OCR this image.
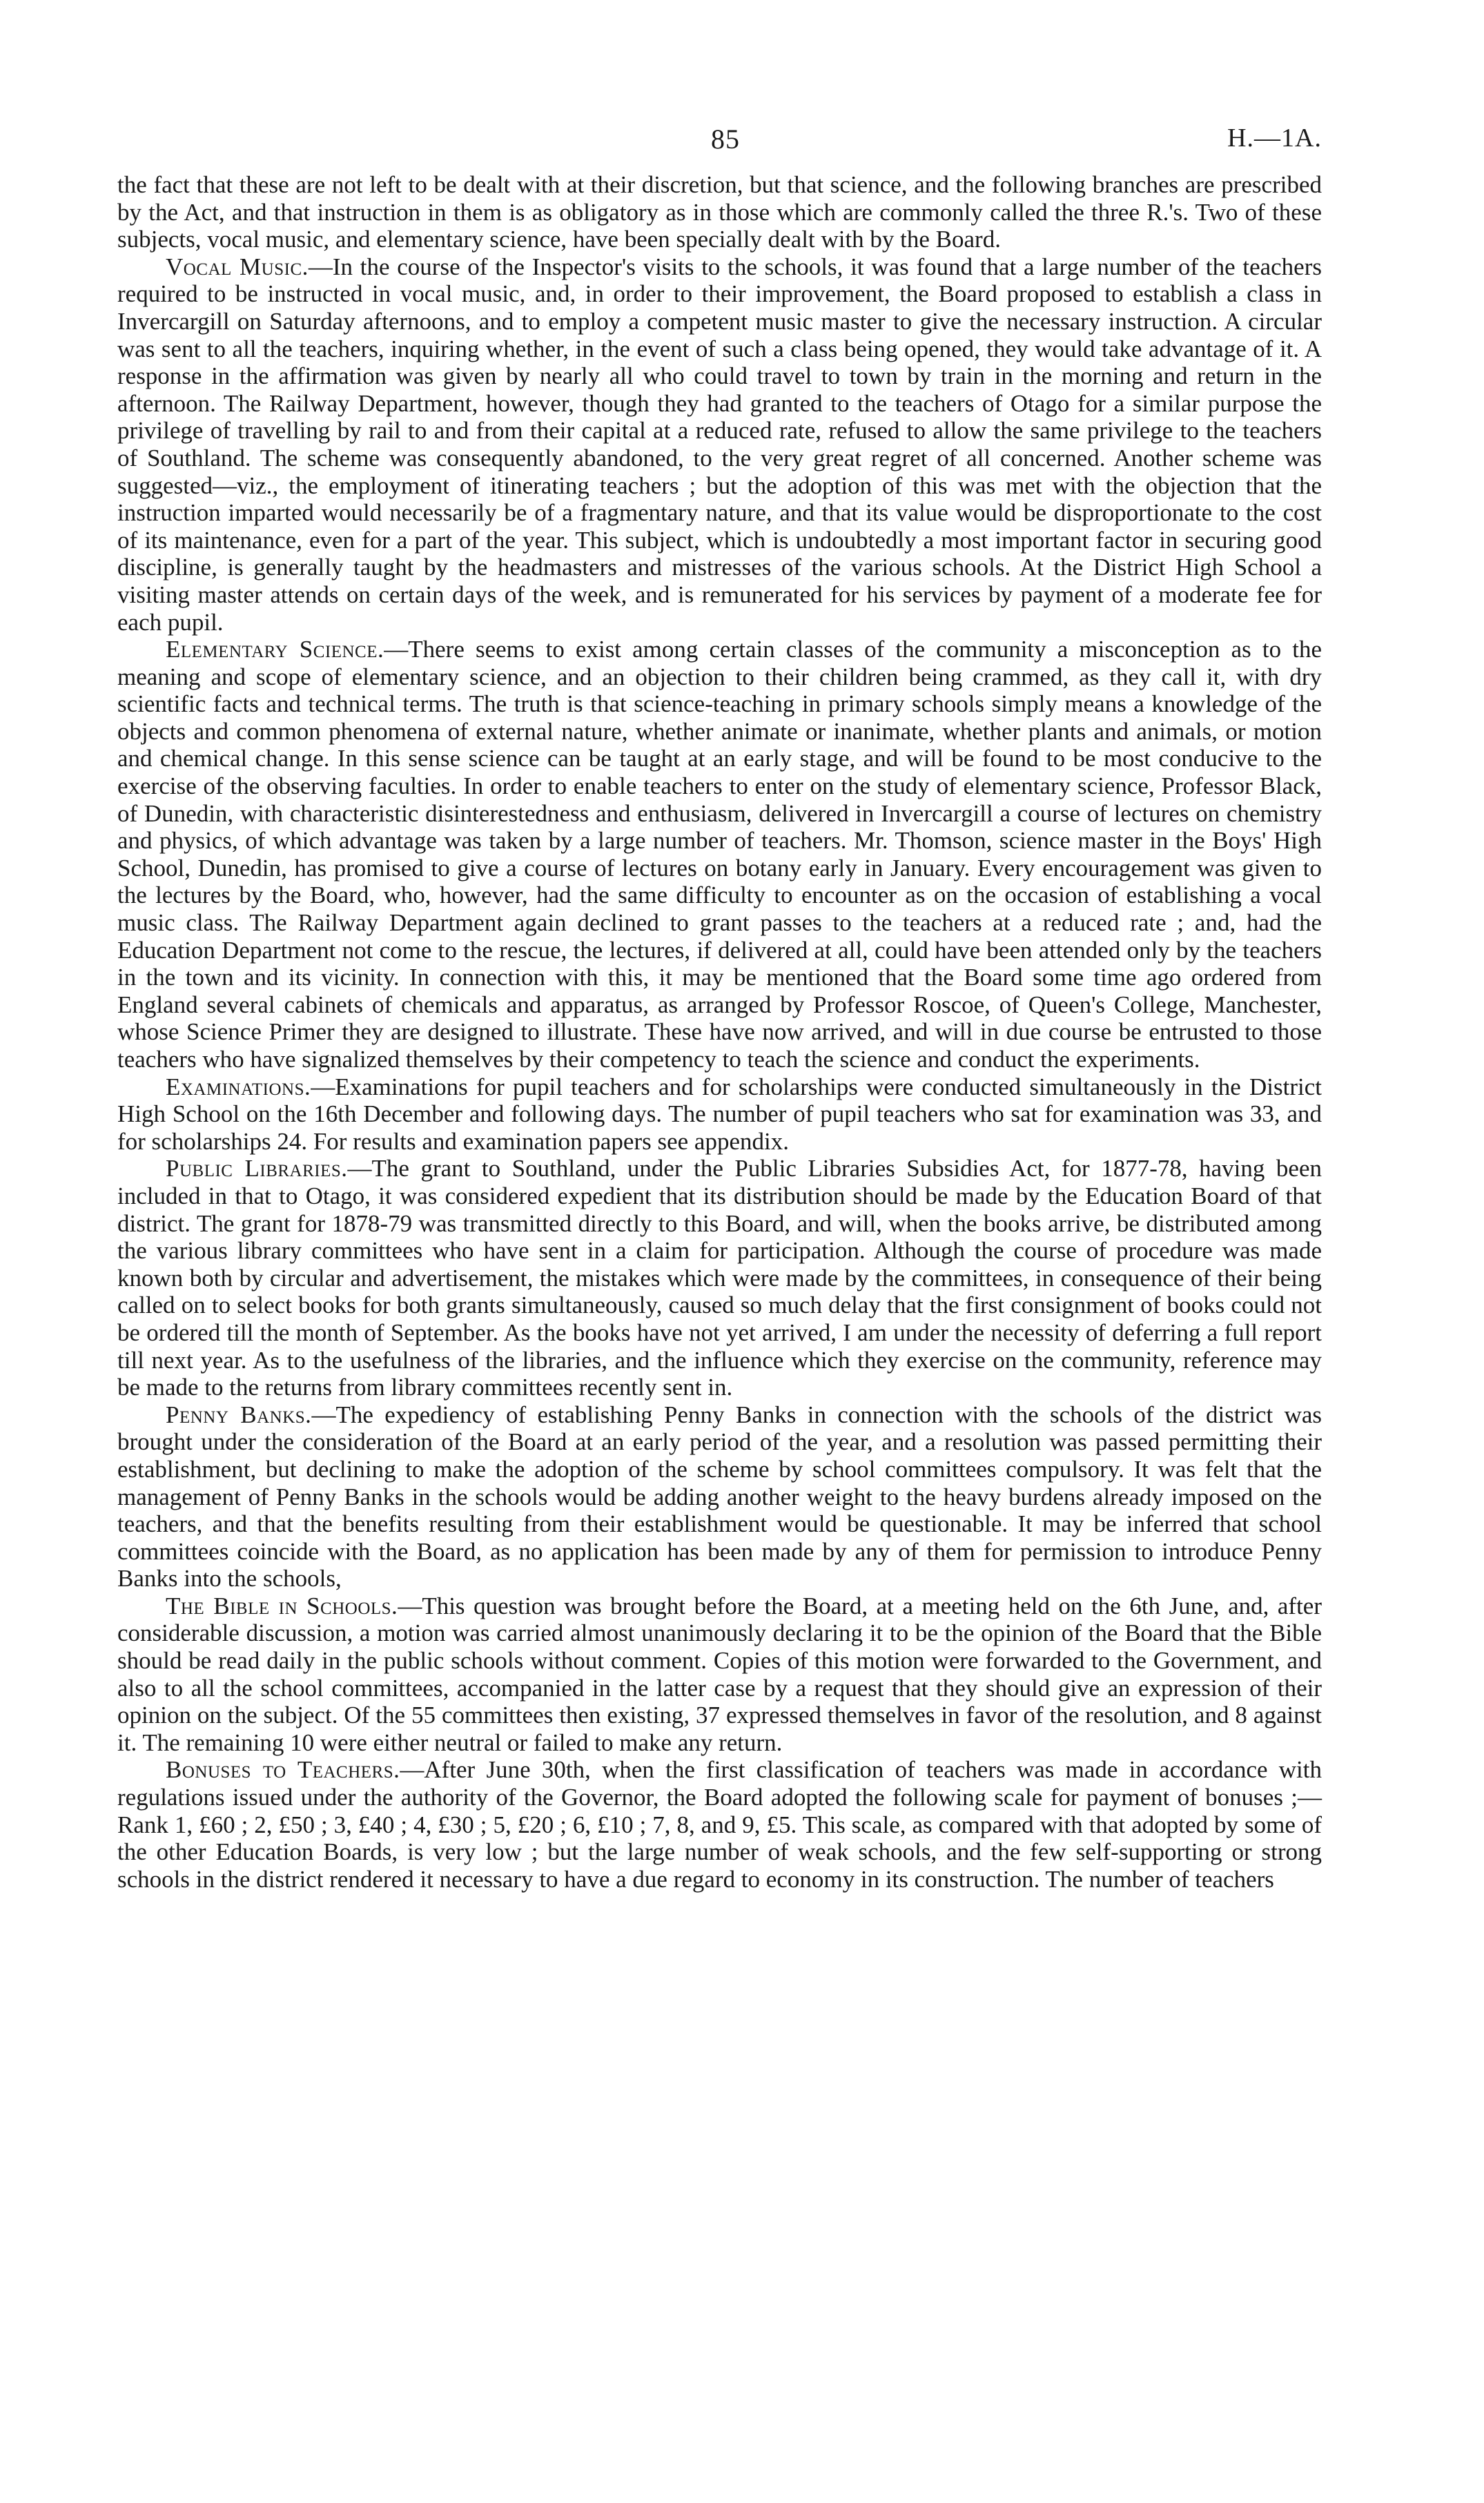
85	H.—1A.

the fact that these are not left to be dealt with at their discretion, but that science, and the following branches are prescribed by the Act, and that instruction in them is as obligatory as in those which are commonly called the three R.'s. Two of these subjects, vocal music, and elementary science, have been specially dealt with by the Board.

Vocal Music.—In the course of the Inspector's visits to the schools, it was found that a large number of the teachers required to be instructed in vocal music, and, in order to their improvement, the Board proposed to establish a class in Invercargill on Saturday afternoons, and to employ a competent music master to give the necessary instruction. A circular was sent to all the teachers, inquiring whether, in the event of such a class being opened, they would take advantage of it. A response in the affirmation was given by nearly all who could travel to town by train in the morning and return in the afternoon. The Railway Department, however, though they had granted to the teachers of Otago for a similar purpose the privilege of travelling by rail to and from their capital at a reduced rate, refused to allow the same privilege to the teachers of Southland. The scheme was consequently abandoned, to the very great regret of all concerned. Another scheme was suggested—viz., the employment of itinerating teachers ; but the adoption of this was met with the objection that the instruction imparted would necessarily be of a fragmentary nature, and that its value would be disproportionate to the cost of its maintenance, even for a part of the year. This subject, which is undoubtedly a most important factor in securing good discipline, is generally taught by the headmasters and mistresses of the various schools. At the District High School a visiting master attends on certain days of the week, and is remunerated for his services by payment of a moderate fee for each pupil.

Elementary Science.—There seems to exist among certain classes of the community a misconception as to the meaning and scope of elementary science, and an objection to their children being crammed, as they call it, with dry scientific facts and technical terms. The truth is that science-teaching in primary schools simply means a knowledge of the objects and common phenomena of external nature, whether animate or inanimate, whether plants and animals, or motion and chemical change. In this sense science can be taught at an early stage, and will be found to be most conducive to the exercise of the observing faculties. In order to enable teachers to enter on the study of elementary science, Professor Black, of Dunedin, with characteristic disinterestedness and enthusiasm, delivered in Invercargill a course of lectures on chemistry and physics, of which advantage was taken by a large number of teachers. Mr. Thomson, science master in the Boys' High School, Dunedin, has promised to give a course of lectures on botany early in January. Every encouragement was given to the lectures by the Board, who, however, had the same difficulty to encounter as on the occasion of establishing a vocal music class. The Railway Department again declined to grant passes to the teachers at a reduced rate ; and, had the Education Department not come to the rescue, the lectures, if delivered at all, could have been attended only by the teachers in the town and its vicinity. In connection with this, it may be mentioned that the Board some time ago ordered from England several cabinets of chemicals and apparatus, as arranged by Professor Roscoe, of Queen's College, Manchester, whose Science Primer they are designed to illustrate. These have now arrived, and will in due course be entrusted to those teachers who have signalized themselves by their competency to teach the science and conduct the experiments.

Examinations.—Examinations for pupil teachers and for scholarships were conducted simultaneously in the District High School on the 16th December and following days. The number of pupil teachers who sat for examination was 33, and for scholarships 24. For results and examination papers see appendix.

Public Libraries.—The grant to Southland, under the Public Libraries Subsidies Act, for 1877-78, having been included in that to Otago, it was considered expedient that its distribution should be made by the Education Board of that district. The grant for 1878-79 was transmitted directly to this Board, and will, when the books arrive, be distributed among the various library committees who have sent in a claim for participation. Although the course of procedure was made known both by circular and advertisement, the mistakes which were made by the committees, in consequence of their being called on to select books for both grants simultaneously, caused so much delay that the first consignment of books could not be ordered till the month of September. As the books have not yet arrived, I am under the necessity of deferring a full report till next year. As to the usefulness of the libraries, and the influence which they exercise on the community, reference may be made to the returns from library committees recently sent in.

Penny Banks.—The expediency of establishing Penny Banks in connection with the schools of the district was brought under the consideration of the Board at an early period of the year, and a resolution was passed permitting their establishment, but declining to make the adoption of the scheme by school committees compulsory. It was felt that the management of Penny Banks in the schools would be adding another weight to the heavy burdens already imposed on the teachers, and that the benefits resulting from their establishment would be questionable. It may be inferred that school committees coincide with the Board, as no application has been made by any of them for permission to introduce Penny Banks into the schools,

The Bible in Schools.—This question was brought before the Board, at a meeting held on the 6th June, and, after considerable discussion, a motion was carried almost unanimously declaring it to be the opinion of the Board that the Bible should be read daily in the public schools without comment. Copies of this motion were forwarded to the Government, and also to all the school committees, accompanied in the latter case by a request that they should give an expression of their opinion on the subject. Of the 55 committees then existing, 37 expressed themselves in favor of the resolution, and 8 against it. The remaining 10 were either neutral or failed to make any return.

Bonuses to Teachers.—After June 30th, when the first classification of teachers was made in accordance with regulations issued under the authority of the Governor, the Board adopted the following scale for payment of bonuses ;—Rank 1, £60 ; 2, £50 ; 3, £40 ; 4, £30 ; 5, £20 ; 6, £10 ; 7, 8, and 9, £5. This scale, as compared with that adopted by some of the other Education Boards, is very low ; but the large number of weak schools, and the few self-supporting or strong schools in the district rendered it necessary to have a due regard to economy in its construction. The number of teachers
